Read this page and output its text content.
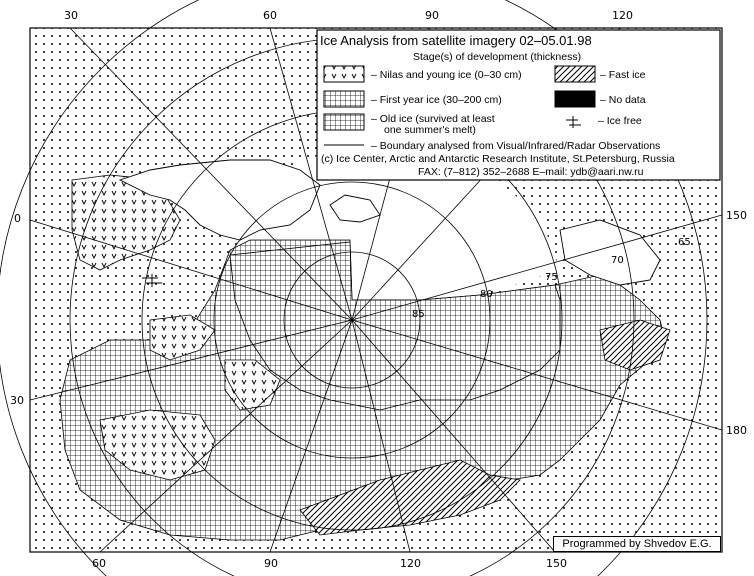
30	60	90	120
60	90	120	150
0
30
150
180
85
80
75
70
65
Ice Analysis from satellite imagery 02–05.01.98
Stage(s) of development (thickness)
– Nilas and young ice (0–30 cm)	– Fast ice
– First year ice (30–200 cm)	– No data
– Old ice (survived at least
one summer's melt)
– Ice free
– Boundary analysed from Visual/Infrared/Radar Observations
(c) Ice Center, Arctic and Antarctic Research Institute, St.Petersburg, Russia
FAX: (7–812) 352–2688 E–mail: ydb@aari.nw.ru
Programmed by Shvedov E.G.
